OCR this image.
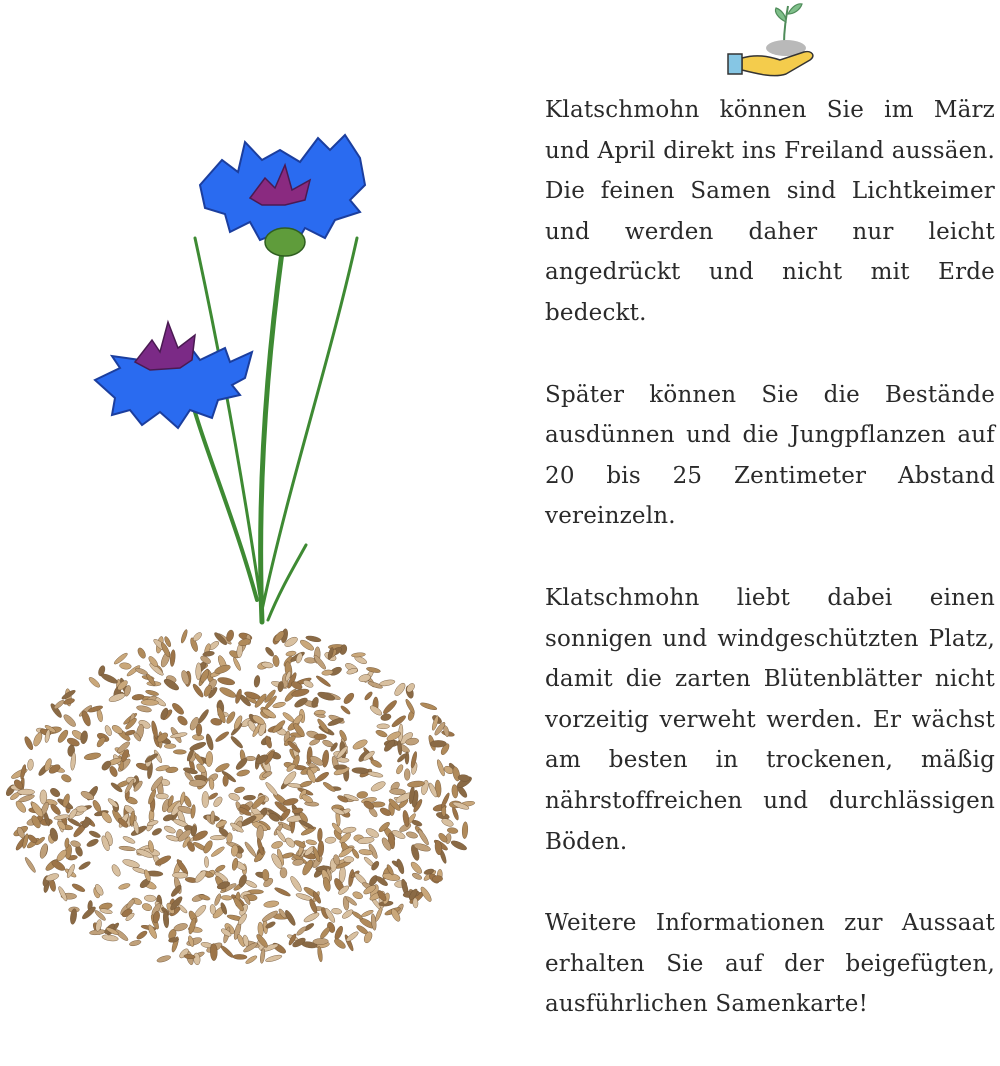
Klatschmohn können Sie im März und April direkt ins Freiland aussäen. Die feinen Samen sind Lichtkeimer und werden daher nur leicht angedrückt und nicht mit Erde bedeckt.

Später können Sie die Bestände ausdünnen und die Jungpflanzen auf 20 bis 25 Zentimeter Abstand vereinzeln.

Klatschmohn liebt dabei einen sonnigen und windgeschützten Platz, damit die zarten Blütenblätter nicht vorzeitig verweht werden. Er wächst am besten in trockenen, mäßig nährstoffreichen und durchlässigen Böden.

Weitere Informationen zur Aussaat erhalten Sie auf der beigefügten, ausführlichen Samenkarte!
